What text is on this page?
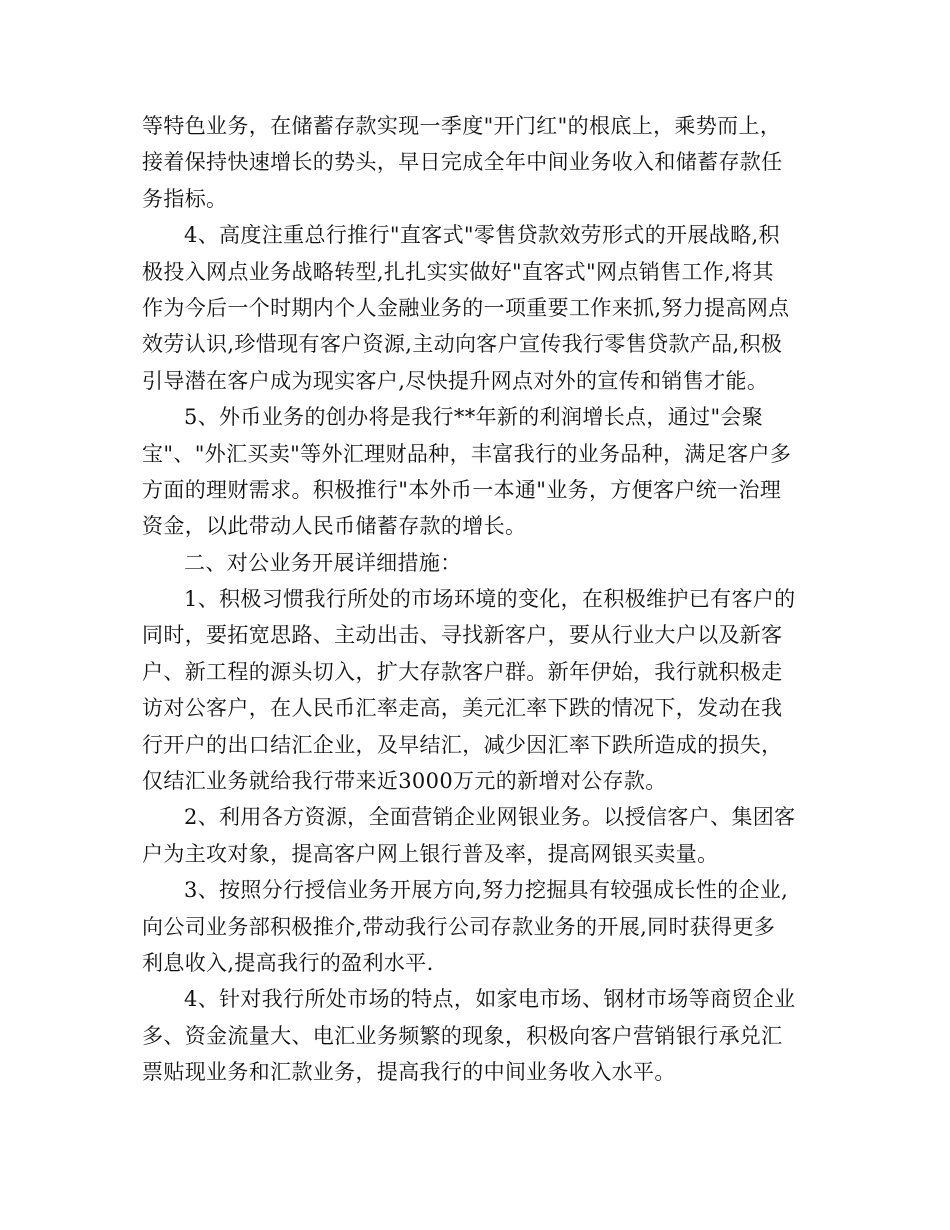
等特色业务，在储蓄存款实现一季度"开门红"的根底上，乘势而上，
接着保持快速增长的势头，早日完成全年中间业务收入和储蓄存款任
务指标。
4、高度注重总行推行"直客式"零售贷款效劳形式的开展战略,积
极投入网点业务战略转型,扎扎实实做好"直客式"网点销售工作,将其
作为今后一个时期内个人金融业务的一项重要工作来抓,努力提高网点
效劳认识,珍惜现有客户资源,主动向客户宣传我行零售贷款产品,积极
引导潜在客户成为现实客户,尽快提升网点对外的宣传和销售才能。
5、外币业务的创办将是我行**年新的利润增长点，通过"会聚
宝"、"外汇买卖"等外汇理财品种，丰富我行的业务品种，满足客户多
方面的理财需求。积极推行"本外币一本通"业务，方便客户统一治理
资金，以此带动人民币储蓄存款的增长。
二、对公业务开展详细措施：
1、积极习惯我行所处的市场环境的变化，在积极维护已有客户的
同时，要拓宽思路、主动出击、寻找新客户，要从行业大户以及新客
户、新工程的源头切入，扩大存款客户群。新年伊始，我行就积极走
访对公客户，在人民币汇率走高，美元汇率下跌的情况下，发动在我
行开户的出口结汇企业，及早结汇，减少因汇率下跌所造成的损失，
仅结汇业务就给我行带来近3000万元的新增对公存款。
2、利用各方资源，全面营销企业网银业务。以授信客户、集团客
户为主攻对象，提高客户网上银行普及率，提高网银买卖量。
3、按照分行授信业务开展方向,努力挖掘具有较强成长性的企业,
向公司业务部积极推介,带动我行公司存款业务的开展,同时获得更多
利息收入,提高我行的盈利水平.
4、针对我行所处市场的特点，如家电市场、钢材市场等商贸企业
多、资金流量大、电汇业务频繁的现象，积极向客户营销银行承兑汇
票贴现业务和汇款业务，提高我行的中间业务收入水平。
